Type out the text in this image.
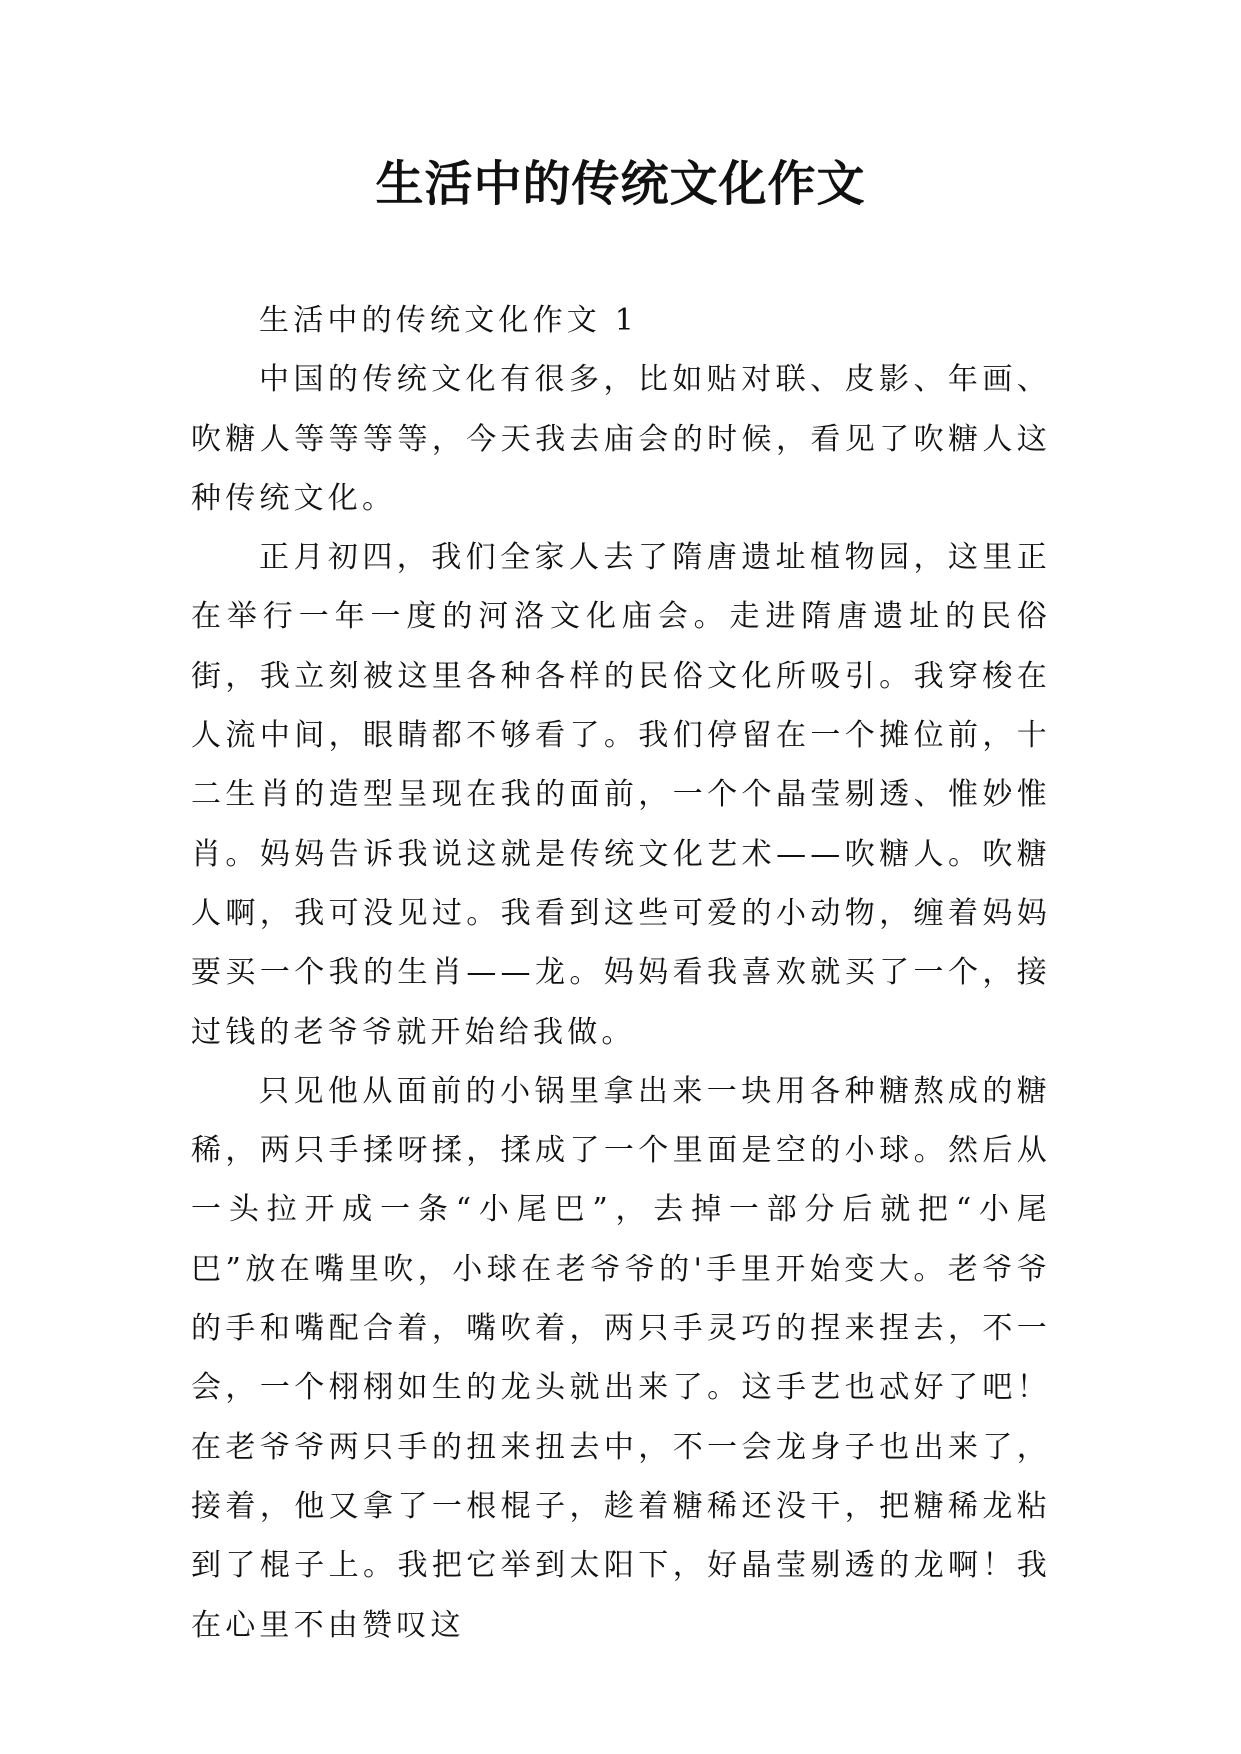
生活中的传统文化作文

生活中的传统文化作文 1

中国的传统文化有很多，比如贴对联、皮影、年画、吹糖人等等等等，今天我去庙会的时候，看见了吹糖人这种传统文化。

正月初四，我们全家人去了隋唐遗址植物园，这里正在举行一年一度的河洛文化庙会。走进隋唐遗址的民俗街，我立刻被这里各种各样的民俗文化所吸引。我穿梭在人流中间，眼睛都不够看了。我们停留在一个摊位前，十二生肖的造型呈现在我的面前，一个个晶莹剔透、惟妙惟肖。妈妈告诉我说这就是传统文化艺术——吹糖人。吹糖人啊，我可没见过。我看到这些可爱的小动物，缠着妈妈要买一个我的生肖——龙。妈妈看我喜欢就买了一个，接过钱的老爷爷就开始给我做。

只见他从面前的小锅里拿出来一块用各种糖熬成的糖稀，两只手揉呀揉，揉成了一个里面是空的小球。然后从一头拉开成一条“小尾巴”，去掉一部分后就把“小尾巴”放在嘴里吹，小球在老爷爷的'手里开始变大。老爷爷的手和嘴配合着，嘴吹着，两只手灵巧的捏来捏去，不一会，一个栩栩如生的龙头就出来了。这手艺也忒好了吧！在老爷爷两只手的扭来扭去中，不一会龙身子也出来了，接着，他又拿了一根棍子，趁着糖稀还没干，把糖稀龙粘到了棍子上。我把它举到太阳下，好晶莹剔透的龙啊！我在心里不由赞叹这
